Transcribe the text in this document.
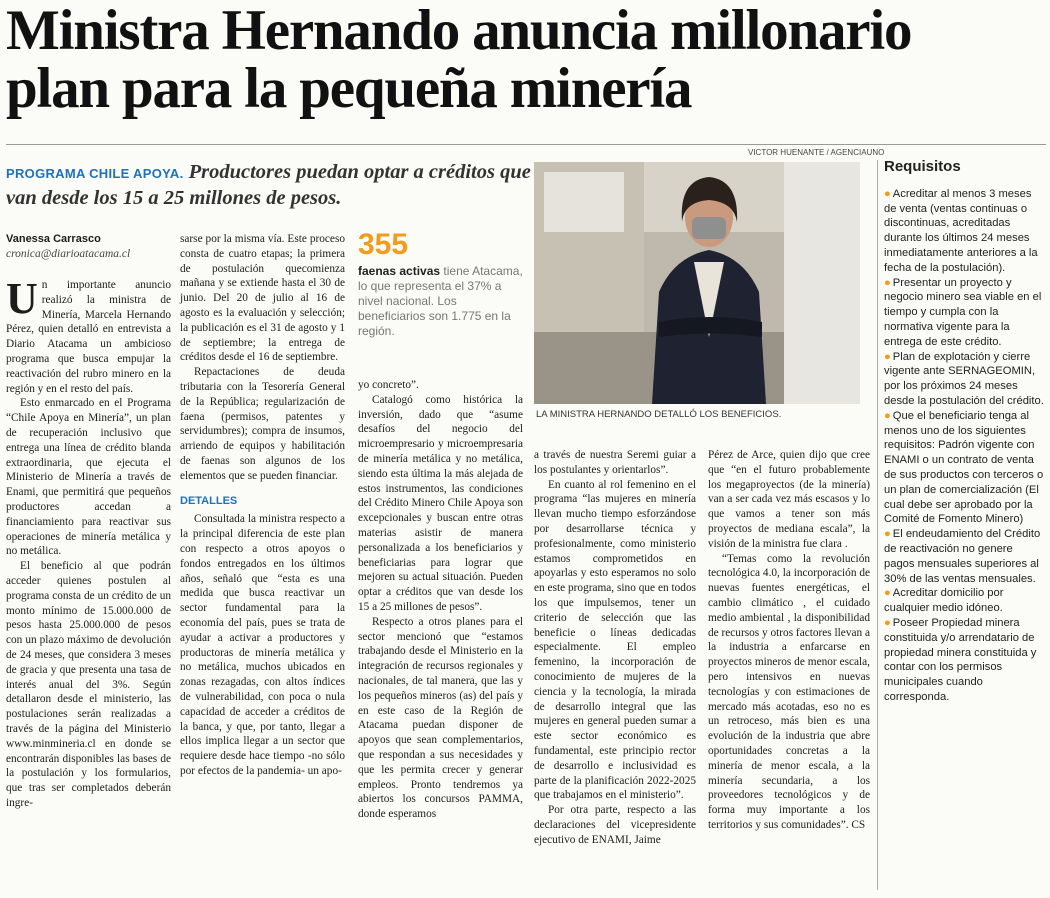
Ministra Hernando anuncia millonario
plan para la pequeña minería
PROGRAMA CHILE APOYA. Productores puedan optar a créditos que van desde los 15 a 25 millones de pesos.
Vanessa Carrasco
cronica@diarioatacama.cl

Un importante anuncio realizó la ministra de Minería, Marcela Hernando Pérez, quien detalló en entrevista a Diario Atacama un ambicioso programa que busca empujar la reactivación del rubro minero en la región y en el resto del país.

Esto enmarcado en el Programa “Chile Apoya en Minería”, un plan de recuperación inclusivo que entrega una línea de crédito blanda extraordinaria, que ejecuta el Ministerio de Minería a través de Enami, que permitirá que pequeños productores accedan a financiamiento para reactivar sus operaciones de minería metálica y no metálica.

El beneficio al que podrán acceder quienes postulen al programa consta de un crédito de un monto mínimo de 15.000.000 de pesos hasta 25.000.000 de pesos con un plazo máximo de devolución de 24 meses, que considera 3 meses de gracia y que presenta una tasa de interés anual del 3%. Según detallaron desde el ministerio, las postulaciones serán realizadas a través de la página del Ministerio www.minmineria.cl en donde se encontrarán disponibles las bases de la postulación y los formularios, que tras ser completados deberán ingre-

sarse por la misma vía. Este proceso consta de cuatro etapas; la primera de postulación quecomienza mañana y se extiende hasta el 30 de junio. Del 20 de julio al 16 de agosto es la evaluación y selección; la publicación es el 31 de agosto y 1 de septiembre; la entrega de créditos desde el 16 de septiembre.

Repactaciones de deuda tributaria con la Tesorería General de la República; regularización de faena (permisos, patentes y servidumbres); compra de insumos, arriendo de equipos y habilitación de faenas son algunos de los elementos que se pueden financiar.

DETALLES

Consultada la ministra respecto a la principal diferencia de este plan con respecto a otros apoyos o fondos entregados en los últimos años, señaló que “esta es una medida que busca reactivar un sector fundamental para la economía del país, pues se trata de ayudar a activar a productores y productoras de minería metálica y no metálica, muchos ubicados en zonas rezagadas, con altos índices de vulnerabilidad, con poca o nula capacidad de acceder a créditos de la banca, y que, por tanto, llegar a ellos implica llegar a un sector que requiere desde hace tiempo -no sólo por efectos de la pandemia- un apo-

355
faenas activas tiene Atacama, lo que representa el 37% a nivel nacional. Los beneficiarios son 1.775 en la región.

yo concreto”.

Catalogó como histórica la inversión, dado que “asume desafíos del negocio del microempresario y microempresaria de minería metálica y no metálica, siendo esta última la más alejada de estos instrumentos, las condiciones del Crédito Minero Chile Apoya son excepcionales y buscan entre otras materias asistir de manera personalizada a los beneficiarios y beneficiarias para lograr que mejoren su actual situación. Pueden optar a créditos que van desde los 15 a 25 millones de pesos”.

Respecto a otros planes para el sector mencionó que “estamos trabajando desde el Ministerio en la integración de recursos regionales y nacionales, de tal manera, que las y los pequeños mineros (as) del país y en este caso de la Región de Atacama puedan disponer de apoyos que sean complementarios, que respondan a sus necesidades y que les permita crecer y generar empleos. Pronto tendremos ya abiertos los concursos PAMMA, donde esperamos

VICTOR HUENANTE / AGENCIAUNO
LA MINISTRA HERNANDO DETALLÓ LOS BENEFICIOS.

a través de nuestra Seremi guiar a los postulantes y orientarlos”.

En cuanto al rol femenino en el programa “las mujeres en minería llevan mucho tiempo esforzándose por desarrollarse técnica y profesionalmente, como ministerio estamos comprometidos en apoyarlas y esto esperamos no solo en este programa, sino que en todos los que impulsemos, tener un criterio de selección que las beneficie o líneas dedicadas especialmente. El empleo femenino, la incorporación de conocimiento de mujeres de la ciencia y la tecnología, la mirada de desarrollo integral que las mujeres en general pueden sumar a este sector económico es fundamental, este principio rector de desarrollo e inclusividad es parte de la planificación 2022-2025 que trabajamos en el ministerio”.

Por otra parte, respecto a las declaraciones del vicepresidente ejecutivo de ENAMI, Jaime

Pérez de Arce, quien dijo que cree que “en el futuro probablemente los megaproyectos (de la minería) van a ser cada vez más escasos y lo que vamos a tener son más proyectos de mediana escala”, la visión de la ministra fue clara .

“Temas como la revolución tecnológica 4.0, la incorporación de nuevas fuentes energéticas, el cambio climático , el cuidado medio ambiental , la disponibilidad de recursos y otros factores llevan a la industria a enfarcarse en proyectos mineros de menor escala, pero intensivos en nuevas tecnologías y con estimaciones de mercado más acotadas, eso no es un retroceso, más bien es una evolución de la industria que abre oportunidades concretas a la minería de menor escala, a la minería secundaria, a los proveedores tecnológicos y de forma muy importante a los territorios y sus comunidades”. CS

Requisitos

● Acreditar al menos 3 meses de venta (ventas continuas o discontinuas, acreditadas durante los últimos 24 meses inmediatamente anteriores a la fecha de la postulación).

● Presentar un proyecto y negocio minero sea viable en el tiempo y cumpla con la normativa vigente para la entrega de este crédito.

● Plan de explotación y cierre vigente ante SERNAGEOMIN, por los próximos 24 meses desde la postulación del crédito.

● Que el beneficiario tenga al menos uno de los siguientes requisitos: Padrón vigente con ENAMI o un contrato de venta de sus productos con terceros o un plan de comercialización (El cual debe ser aprobado por la Comité de Fomento Minero)

● El endeudamiento del Crédito de reactivación no genere pagos mensuales superiores al 30% de las ventas mensuales.

● Acreditar domicilio por cualquier medio idóneo.

● Poseer Propiedad minera constituida y/o arrendatario de propiedad minera constituida y contar con los permisos municipales cuando corresponda.
